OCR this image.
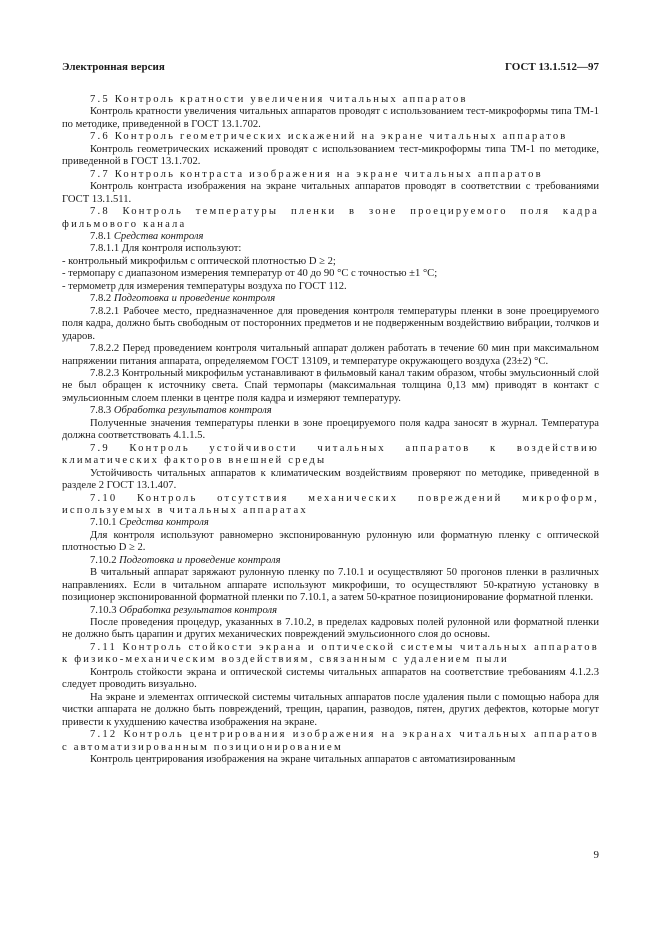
Электронная версия	ГОСТ 13.1.512—97

7.5 Контроль кратности увеличения читальных аппаратов

Контроль кратности увеличения читальных аппаратов проводят с использованием тест-микроформы типа ТМ-1 по методике, приведенной в ГОСТ 13.1.702.

7.6 Контроль геометрических искажений на экране читальных аппаратов

Контроль геометрических искажений проводят с использованием тест-микроформы типа ТМ-1 по методике, приведенной в ГОСТ 13.1.702.

7.7 Контроль контраста изображения на экране читальных аппаратов

Контроль контраста изображения на экране читальных аппаратов проводят в соответствии с требованиями ГОСТ 13.1.511.

7.8 Контроль температуры пленки в зоне проецируемого поля кадра фильмового канала

7.8.1 Средства контроля

7.8.1.1 Для контроля используют:

- контрольный микрофильм с оптической плотностью D ≥ 2;

- термопару с диапазоном измерения температур от 40 до 90 °С с точностью ±1 °С;

- термометр для измерения температуры воздуха по ГОСТ 112.

7.8.2 Подготовка и проведение контроля

7.8.2.1 Рабочее место, предназначенное для проведения контроля температуры пленки в зоне проецируемого поля кадра, должно быть свободным от посторонних предметов и не подверженным воздействию вибрации, толчков и ударов.

7.8.2.2 Перед проведением контроля читальный аппарат должен работать в течение 60 мин при максимальном напряжении питания аппарата, определяемом ГОСТ 13109, и температуре окружающего воздуха (23±2) °С.

7.8.2.3 Контрольный микрофильм устанавливают в фильмовый канал таким образом, чтобы эмульсионный слой не был обращен к источнику света. Спай термопары (максимальная толщина 0,13 мм) приводят в контакт с эмульсионным слоем пленки в центре поля кадра и измеряют температуру.

7.8.3 Обработка результатов контроля

Полученные значения температуры пленки в зоне проецируемого поля кадра заносят в журнал. Температура должна соответствовать 4.1.1.5.

7.9 Контроль устойчивости читальных аппаратов к воздействию климатических факторов внешней среды

Устойчивость читальных аппаратов к климатическим воздействиям проверяют по методике, приведенной в разделе 2 ГОСТ 13.1.407.

7.10 Контроль отсутствия механических повреждений микроформ, используемых в читальных аппаратах

7.10.1 Средства контроля

Для контроля используют равномерно экспонированную рулонную или форматную пленку с оптической плотностью D ≥ 2.

7.10.2 Подготовка и проведение контроля

В читальный аппарат заряжают рулонную пленку по 7.10.1 и осуществляют 50 прогонов пленки в различных направлениях. Если в читальном аппарате используют микрофиши, то осуществляют 50-кратную установку в позиционер экспонированной форматной пленки по 7.10.1, а затем 50-кратное позиционирование форматной пленки.

7.10.3 Обработка результатов контроля

После проведения процедур, указанных в 7.10.2, в пределах кадровых полей рулонной или форматной пленки не должно быть царапин и других механических повреждений эмульсионного слоя до основы.

7.11 Контроль стойкости экрана и оптической системы читальных аппаратов к физико-механическим воздействиям, связанным с удалением пыли

Контроль стойкости экрана и оптической системы читальных аппаратов на соответствие требованиям 4.1.2.3 следует проводить визуально.

На экране и элементах оптической системы читальных аппаратов после удаления пыли с помощью набора для чистки аппарата не должно быть повреждений, трещин, царапин, разводов, пятен, других дефектов, которые могут привести к ухудшению качества изображения на экране.

7.12 Контроль центрирования изображения на экранах читальных аппаратов с автоматизированным позиционированием

Контроль центрирования изображения на экране читальных аппаратов с автоматизированным

9
